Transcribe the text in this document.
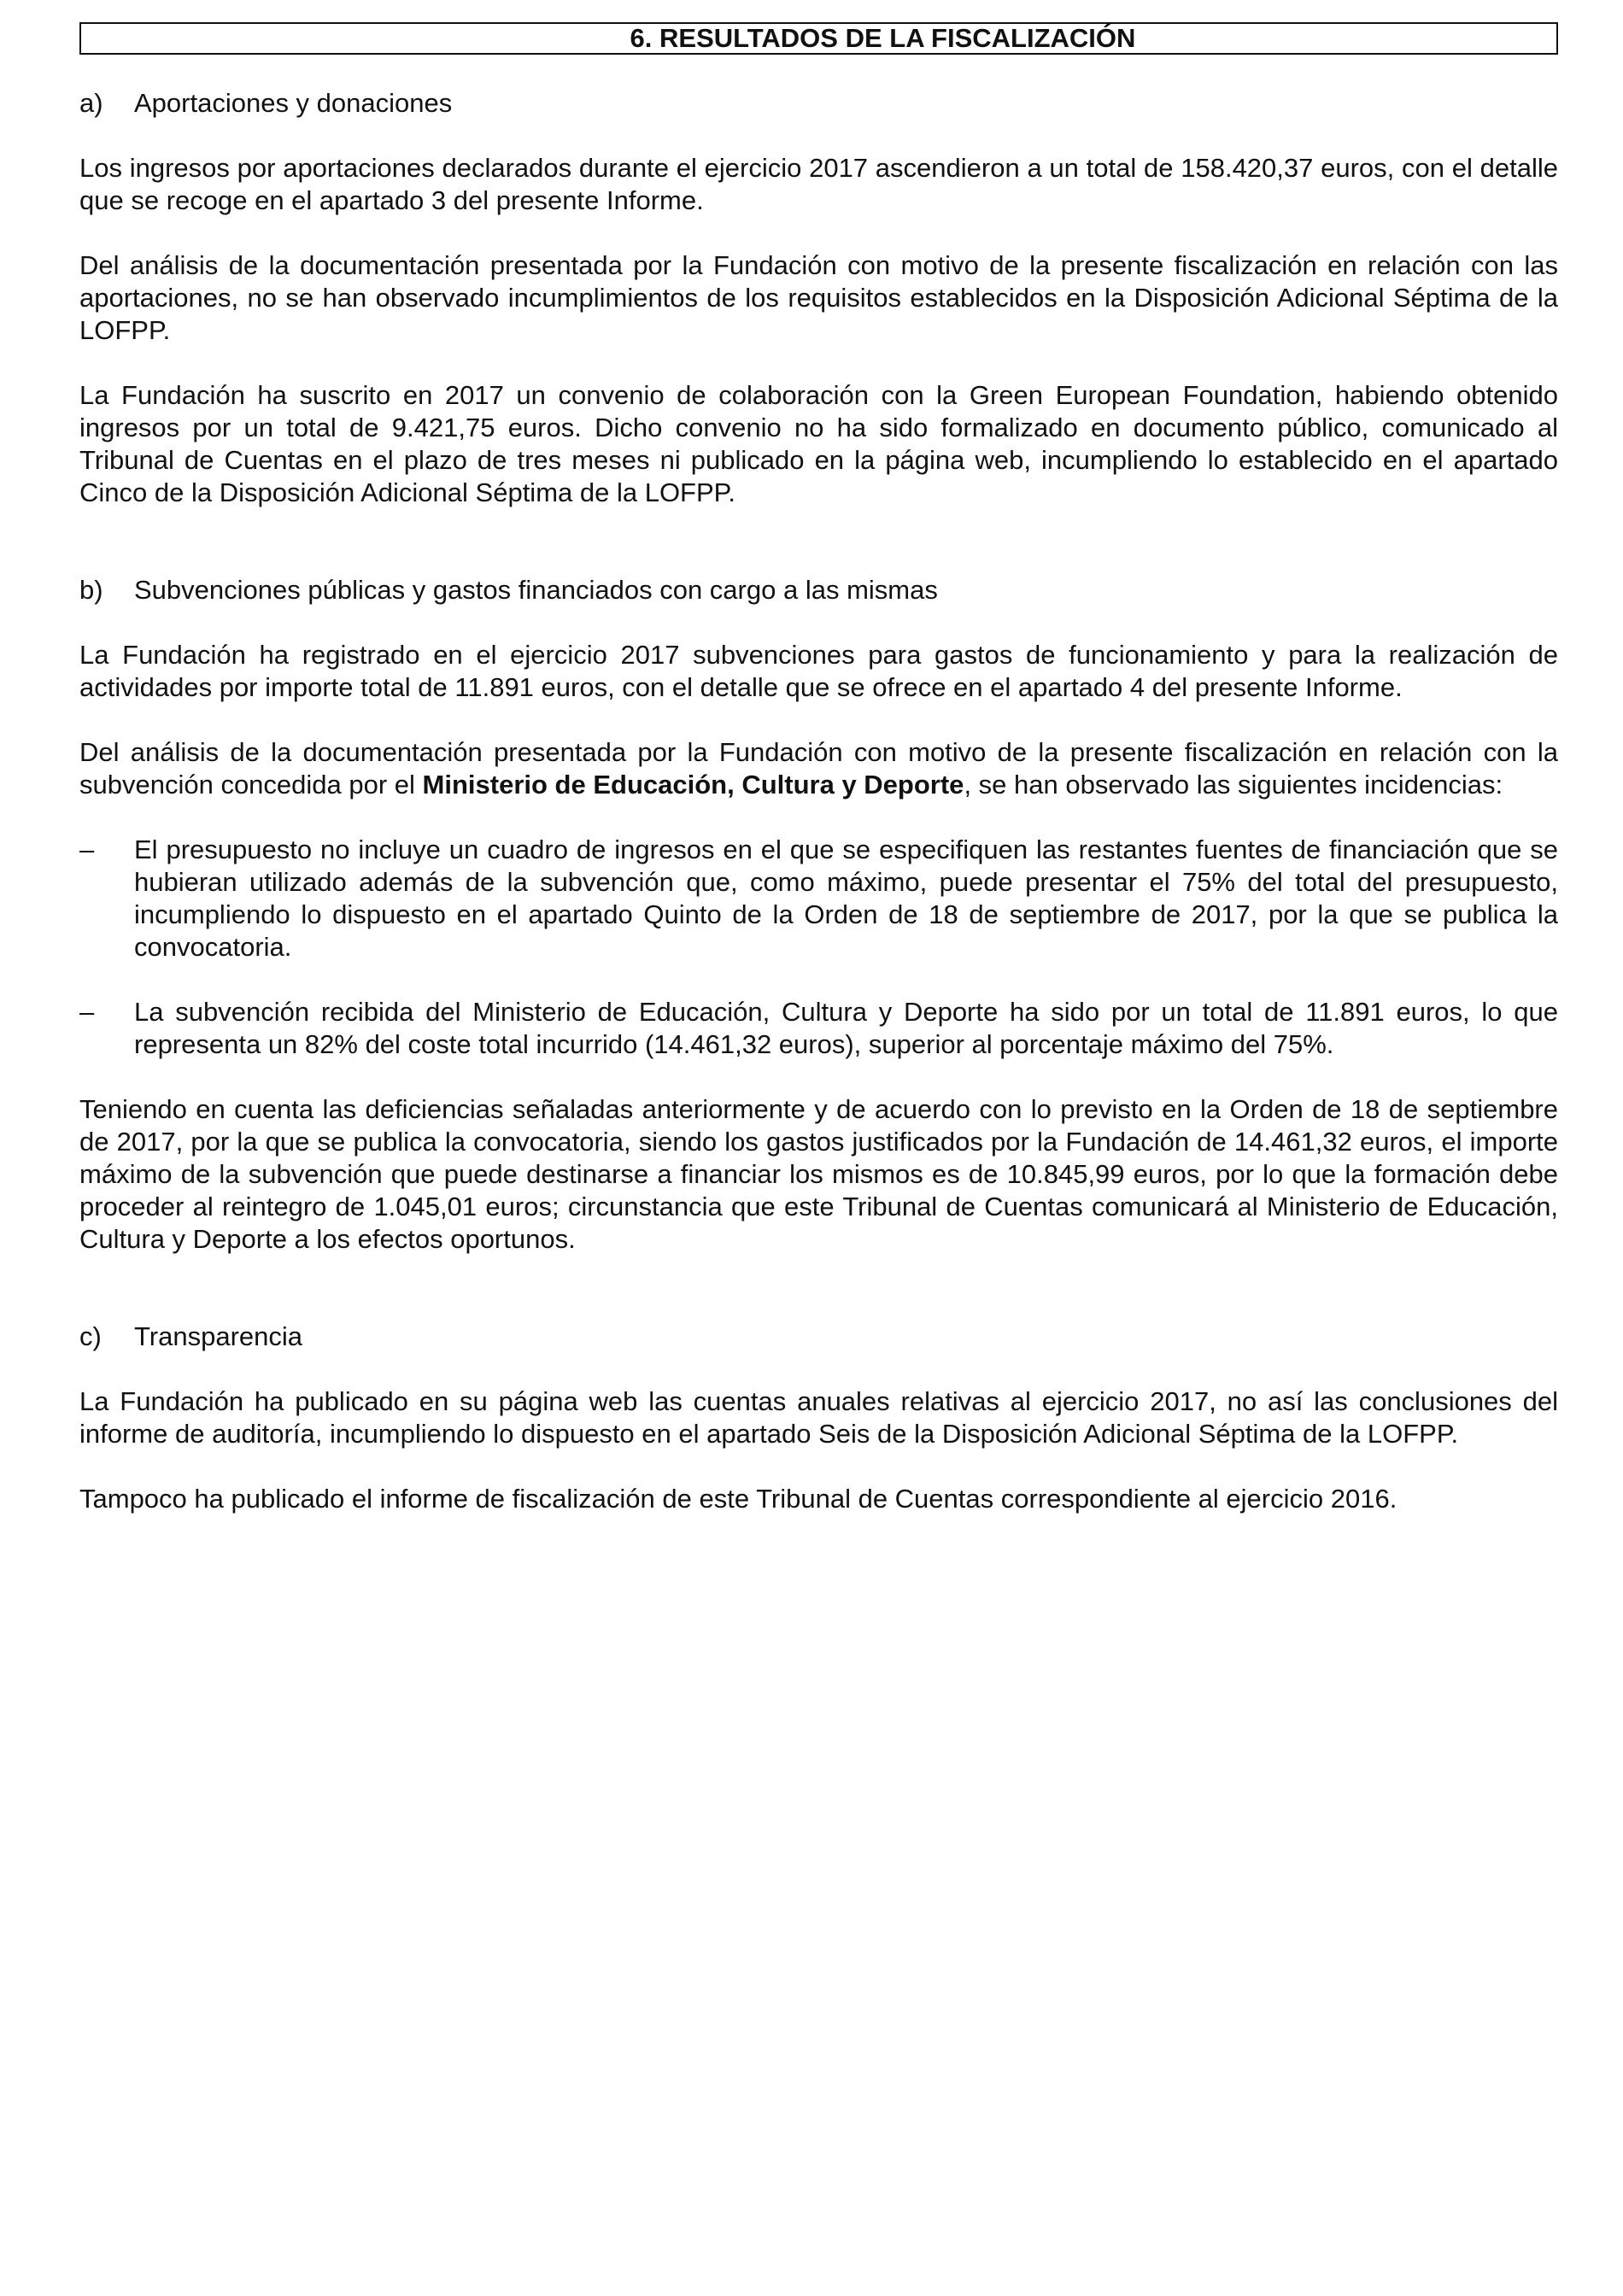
6. RESULTADOS DE LA FISCALIZACIÓN
a)	Aportaciones y donaciones

Los ingresos por aportaciones declarados durante el ejercicio 2017 ascendieron a un total de 158.420,37 euros, con el detalle que se recoge en el apartado 3 del presente Informe.

Del análisis de la documentación presentada por la Fundación con motivo de la presente fiscalización en relación con las aportaciones, no se han observado incumplimientos de los requisitos establecidos en la Disposición Adicional Séptima de la LOFPP.

La Fundación ha suscrito en 2017 un convenio de colaboración con la Green European Foundation, habiendo obtenido ingresos por un total de 9.421,75 euros. Dicho convenio no ha sido formalizado en documento público, comunicado al Tribunal de Cuentas en el plazo de tres meses ni publicado en la página web, incumpliendo lo establecido en el apartado Cinco de la Disposición Adicional Séptima de la LOFPP.

b)	Subvenciones públicas y gastos financiados con cargo a las mismas

La Fundación ha registrado en el ejercicio 2017 subvenciones para gastos de funcionamiento y para la realización de actividades por importe total de 11.891 euros, con el detalle que se ofrece en el apartado 4 del presente Informe.

Del análisis de la documentación presentada por la Fundación con motivo de la presente fiscalización en relación con la subvención concedida por el Ministerio de Educación, Cultura y Deporte, se han observado las siguientes incidencias:

–	El presupuesto no incluye un cuadro de ingresos en el que se especifiquen las restantes fuentes de financiación que se hubieran utilizado además de la subvención que, como máximo, puede presentar el 75% del total del presupuesto, incumpliendo lo dispuesto en el apartado Quinto de la Orden de 18 de septiembre de 2017, por la que se publica la convocatoria.
–	La subvención recibida del Ministerio de Educación, Cultura y Deporte ha sido por un total de 11.891 euros, lo que representa un 82% del coste total incurrido (14.461,32 euros), superior al porcentaje máximo del 75%.

Teniendo en cuenta las deficiencias señaladas anteriormente y de acuerdo con lo previsto en la Orden de 18 de septiembre de 2017, por la que se publica la convocatoria, siendo los gastos justificados por la Fundación de 14.461,32 euros, el importe máximo de la subvención que puede destinarse a financiar los mismos es de 10.845,99 euros, por lo que la formación debe proceder al reintegro de 1.045,01 euros; circunstancia que este Tribunal de Cuentas comunicará al Ministerio de Educación, Cultura y Deporte a los efectos oportunos.

c)	Transparencia

La Fundación ha publicado en su página web las cuentas anuales relativas al ejercicio 2017, no así las conclusiones del informe de auditoría, incumpliendo lo dispuesto en el apartado Seis de la Disposición Adicional Séptima de la LOFPP.

Tampoco ha publicado el informe de fiscalización de este Tribunal de Cuentas correspondiente al ejercicio 2016.
